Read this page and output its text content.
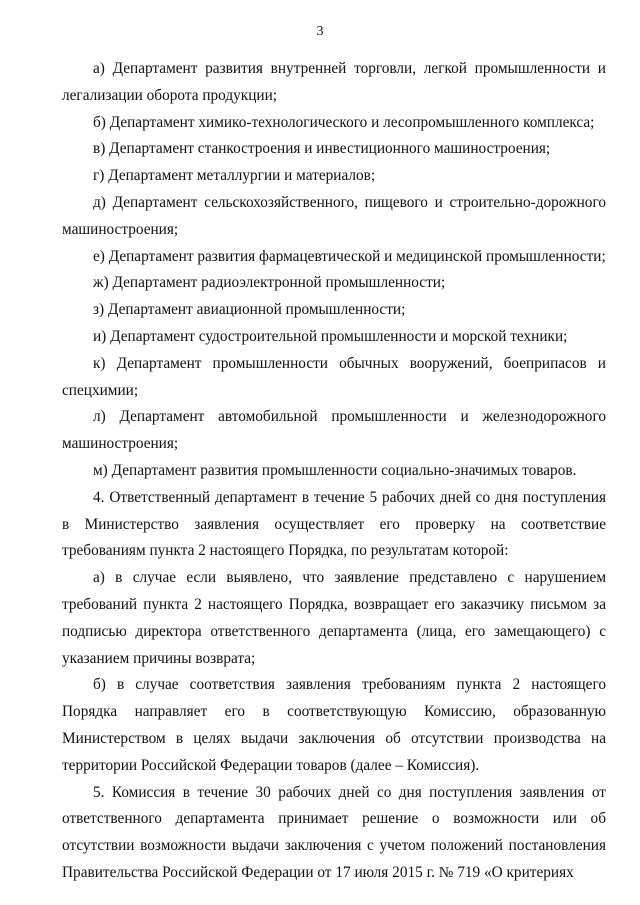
3

а) Департамент развития внутренней торговли, легкой промышленности и легализации оборота продукции;

б) Департамент химико-технологического и лесопромышленного комплекса;

в) Департамент станкостроения и инвестиционного машиностроения;

г) Департамент металлургии и материалов;

д) Департамент сельскохозяйственного, пищевого и строительно-дорожного машиностроения;

е) Департамент развития фармацевтической и медицинской промышленности;

ж) Департамент радиоэлектронной промышленности;

з) Департамент авиационной промышленности;

и) Департамент судостроительной промышленности и морской техники;

к) Департамент промышленности обычных вооружений, боеприпасов и спецхимии;

л) Департамент автомобильной промышленности и железнодорожного машиностроения;

м) Департамент развития промышленности социально-значимых товаров.

4. Ответственный департамент в течение 5 рабочих дней со дня поступления в Министерство заявления осуществляет его проверку на соответствие требованиям пункта 2 настоящего Порядка, по результатам которой:

а) в случае если выявлено, что заявление представлено с нарушением требований пункта 2 настоящего Порядка, возвращает его заказчику письмом за подписью директора ответственного департамента (лица, его замещающего) с указанием причины возврата;

б) в случае соответствия заявления требованиям пункта 2 настоящего Порядка направляет его в соответствующую Комиссию, образованную Министерством в целях выдачи заключения об отсутствии производства на территории Российской Федерации товаров (далее – Комиссия).

5. Комиссия в течение 30 рабочих дней со дня поступления заявления от ответственного департамента принимает решение о возможности или об отсутствии возможности выдачи заключения с учетом положений постановления Правительства Российской Федерации от 17 июля 2015 г. № 719 «О критериях
